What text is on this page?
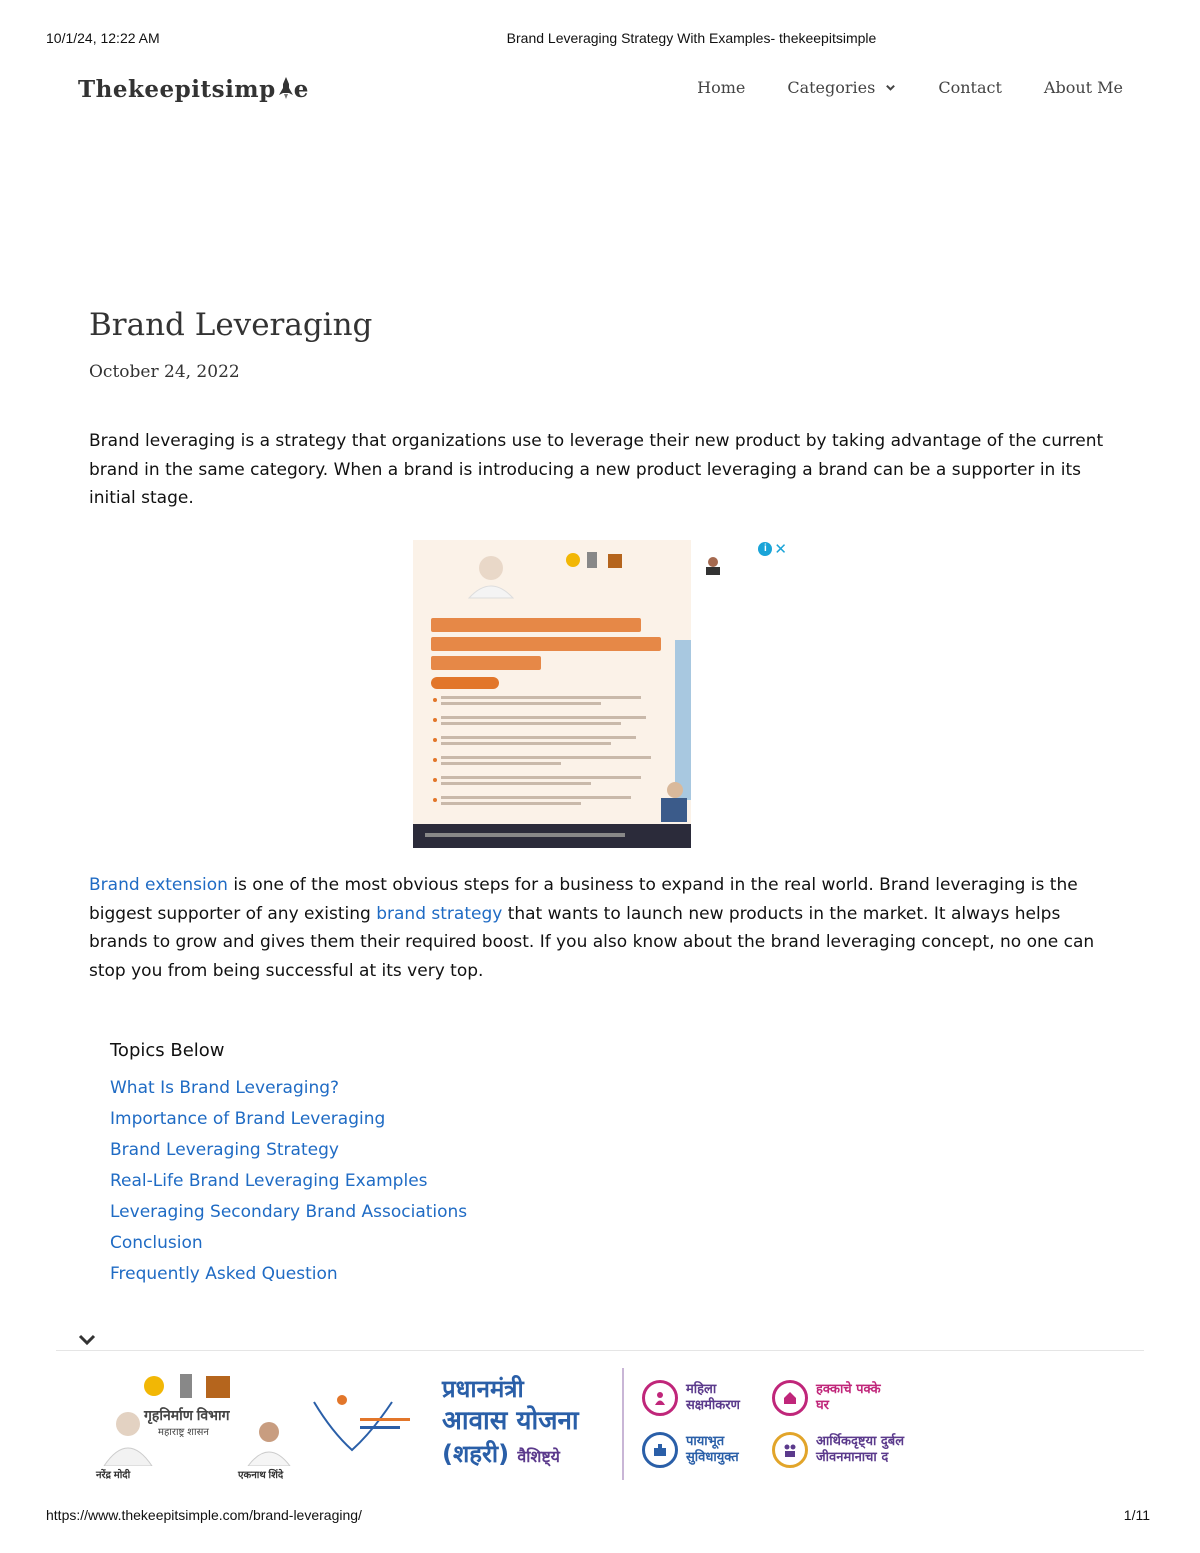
10/1/24, 12:22 AM	Brand Leveraging Strategy With Examples- thekeepitsimple
Thekeepitsimp e	Home	Categories	Contact	About Me
Brand Leveraging
October 24, 2022

Brand leveraging is a strategy that organizations use to leverage their new product by taking advantage of the current brand in the same category. When a brand is introducing a new product leveraging a brand can be a supporter in its initial stage.

Brand extension is one of the most obvious steps for a business to expand in the real world. Brand leveraging is the biggest supporter of any existing brand strategy that wants to launch new products in the market. It always helps brands to grow and gives them their required boost. If you also know about the brand leveraging concept, no one can stop you from being successful at its very top.

i ✕
Topics Below
What Is Brand Leveraging?
Importance of Brand Leveraging
Brand Leveraging Strategy
Real-Life Brand Leveraging Examples
Leveraging Secondary Brand Associations
Conclusion
Frequently Asked Question
गृहनिर्माण विभाग
महाराष्ट्र शासन
नरेंद्र मोदी	एकनाथ शिंदे
प्रधानमंत्री
आवास योजना
(शहरी) वैशिष्ट्ये
महिला सक्षमीकरण
हक्काचे पक्के घर
पायाभूत सुविधायुक्त
आर्थिकदृष्ट्या दुर्बल जीवनमानाचा द
https://www.thekeepitsimple.com/brand-leveraging/	1/11
